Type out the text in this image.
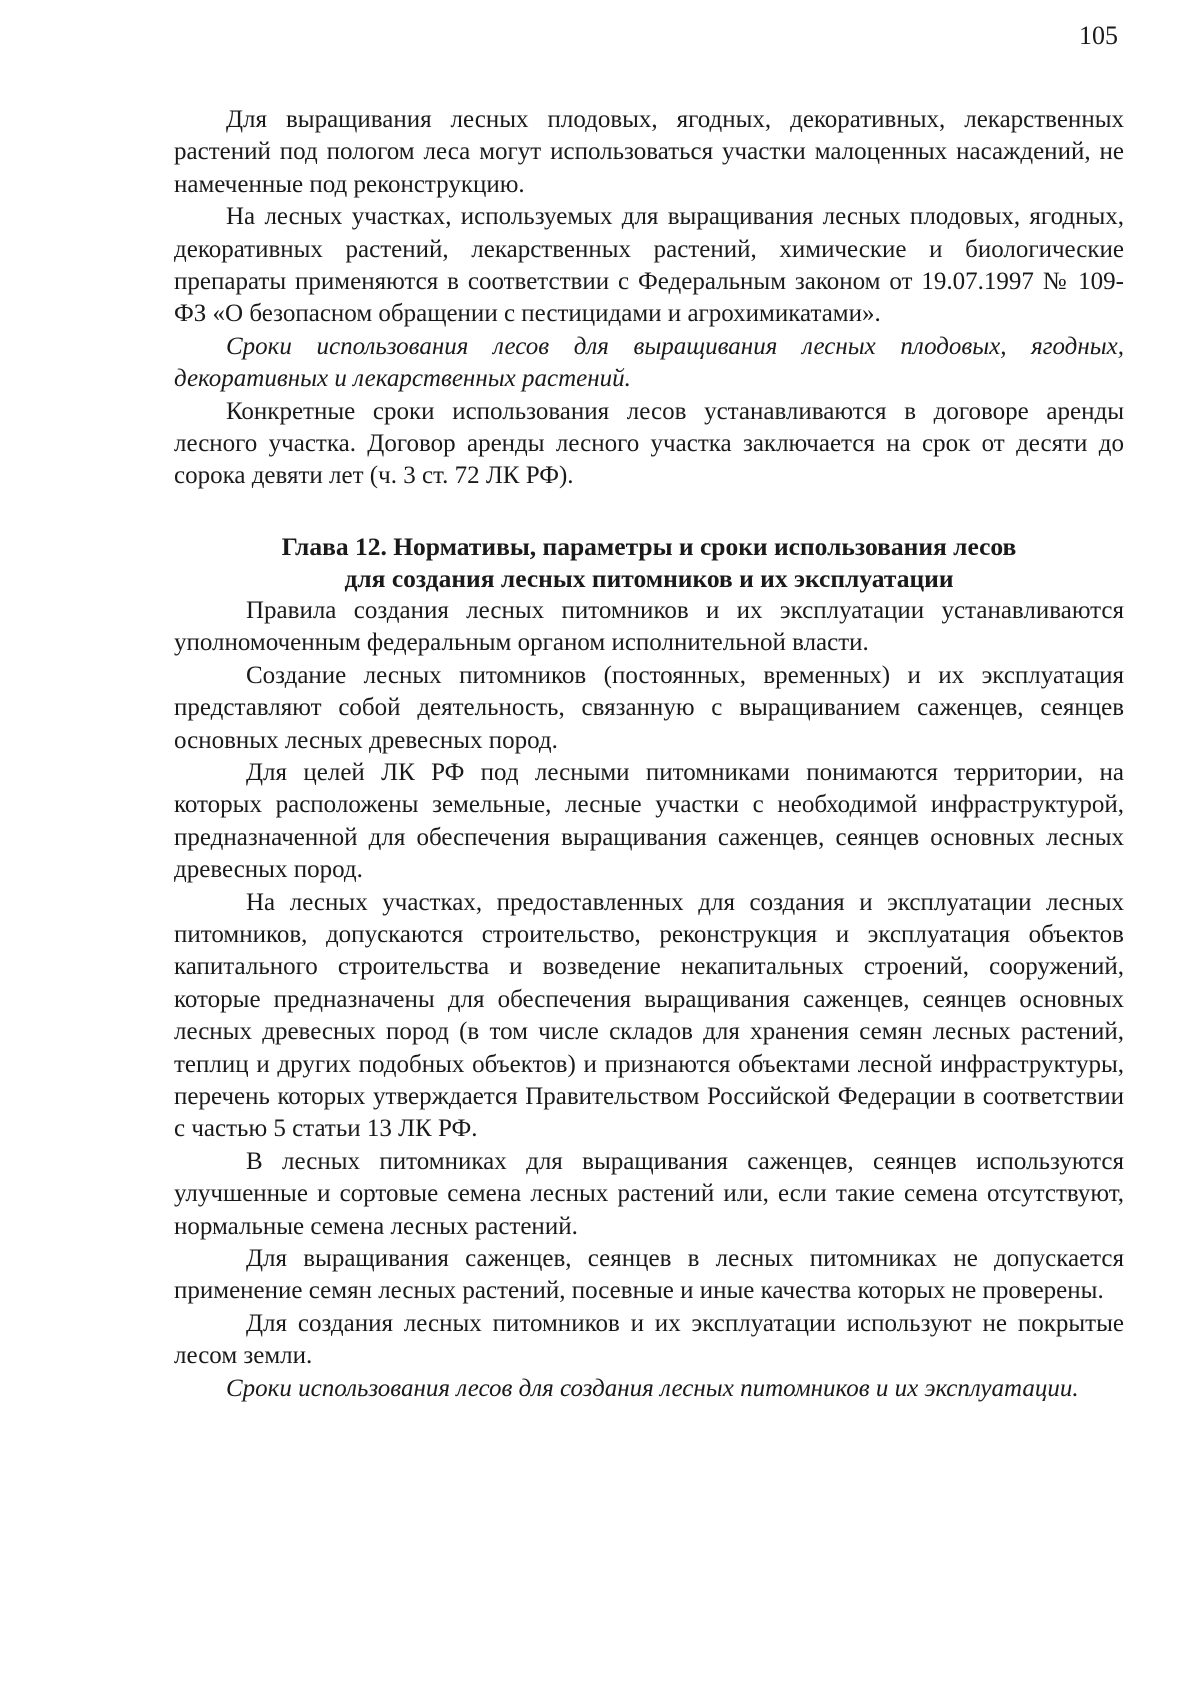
105

Для выращивания лесных плодовых, ягодных, декоративных, лекарственных растений под пологом леса могут использоваться участки малоценных насаждений, не намеченные под реконструкцию.

На лесных участках, используемых для выращивания лесных плодовых, ягодных, декоративных растений, лекарственных растений, химические и биологические препараты применяются в соответствии с Федеральным законом от 19.07.1997 № 109-ФЗ «О безопасном обращении с пестицидами и агрохимикатами».

Сроки использования лесов для выращивания лесных плодовых, ягодных, декоративных и лекарственных растений.

Конкретные сроки использования лесов устанавливаются в договоре аренды лесного участка. Договор аренды лесного участка заключается на срок от десяти до сорока девяти лет (ч. 3 ст. 72 ЛК РФ).

Глава 12. Нормативы, параметры и сроки использования лесов
для создания лесных питомников и их эксплуатации

Правила создания лесных питомников и их эксплуатации устанавливаются уполномоченным федеральным органом исполнительной власти.

Создание лесных питомников (постоянных, временных) и их эксплуатация представляют собой деятельность, связанную с выращиванием саженцев, сеянцев основных лесных древесных пород.

Для целей ЛК РФ под лесными питомниками понимаются территории, на которых расположены земельные, лесные участки с необходимой инфраструктурой, предназначенной для обеспечения выращивания саженцев, сеянцев основных лесных древесных пород.

На лесных участках, предоставленных для создания и эксплуатации лесных питомников, допускаются строительство, реконструкция и эксплуатация объектов капитального строительства и возведение некапитальных строений, сооружений, которые предназначены для обеспечения выращивания саженцев, сеянцев основных лесных древесных пород (в том числе складов для хранения семян лесных растений, теплиц и других подобных объектов) и признаются объектами лесной инфраструктуры, перечень которых утверждается Правительством Российской Федерации в соответствии с частью 5 статьи 13 ЛК РФ.

В лесных питомниках для выращивания саженцев, сеянцев используются улучшенные и сортовые семена лесных растений или, если такие семена отсутствуют, нормальные семена лесных растений.

Для выращивания саженцев, сеянцев в лесных питомниках не допускается применение семян лесных растений, посевные и иные качества которых не проверены.

Для создания лесных питомников и их эксплуатации используют не покрытые лесом земли.

Сроки использования лесов для создания лесных питомников и их эксплуатации.
